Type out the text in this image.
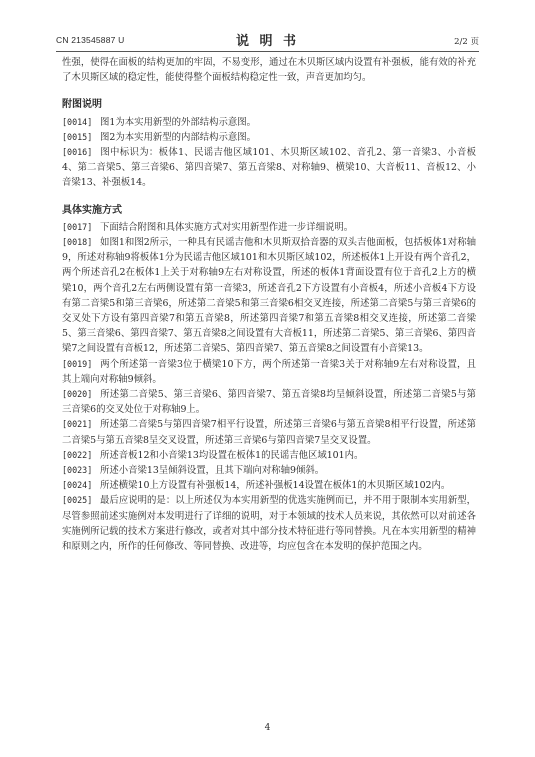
CN 213545887 U	说 明 书	2/2 页

性强，使得在面板的结构更加的牢固，不易变形，通过在木贝斯区域内设置有补强板，能有效的补充了木贝斯区域的稳定性，能使得整个面板结构稳定性一致，声音更加均匀。

附图说明

[0014] 图1为本实用新型的外部结构示意图。

[0015] 图2为本实用新型的内部结构示意图。

[0016] 图中标识为：板体1、民谣吉他区域101、木贝斯区域102、音孔2、第一音梁3、小音板4、第二音梁5、第三音梁6、第四音梁7、第五音梁8、对称轴9、横梁10、大音板11、音板12、小音梁13、补强板14。

具体实施方式

[0017] 下面结合附图和具体实施方式对实用新型作进一步详细说明。

[0018] 如图1和图2所示，一种具有民谣吉他和木贝斯双拾音器的双头吉他面板，包括板体1对称轴9，所述对称轴9将板体1分为民谣吉他区域101和木贝斯区域102，所述板体1上开设有两个音孔2，两个所述音孔2在板体1上关于对称轴9左右对称设置，所述的板体1背面设置有位于音孔2上方的横梁10，两个音孔2左右两侧设置有第一音梁3，所述音孔2下方设置有小音板4，所述小音板4下方设有第二音梁5和第三音梁6，所述第二音梁5和第三音梁6相交叉连接，所述第二音梁5与第三音梁6的交叉处下方设有第四音梁7和第五音梁8，所述第四音梁7和第五音梁8相交叉连接，所述第二音梁5、第三音梁6、第四音梁7、第五音梁8之间设置有大音板11，所述第二音梁5、第三音梁6、第四音梁7之间设置有音板12，所述第二音梁5、第四音梁7、第五音梁8之间设置有小音梁13。

[0019] 两个所述第一音梁3位于横梁10下方，两个所述第一音梁3关于对称轴9左右对称设置，且其上端向对称轴9倾斜。

[0020] 所述第二音梁5、第三音梁6、第四音梁7、第五音梁8均呈倾斜设置，所述第二音梁5与第三音梁6的交叉处位于对称轴9上。

[0021] 所述第二音梁5与第四音梁7相平行设置，所述第三音梁6与第五音梁8相平行设置，所述第二音梁5与第五音梁8呈交叉设置，所述第三音梁6与第四音梁7呈交叉设置。

[0022] 所述音板12和小音梁13均设置在板体1的民谣吉他区域101内。

[0023] 所述小音梁13呈倾斜设置，且其下端向对称轴9倾斜。

[0024] 所述横梁10上方设置有补强板14，所述补强板14设置在板体1的木贝斯区域102内。

[0025] 最后应说明的是：以上所述仅为本实用新型的优选实施例而已，并不用于限制本实用新型，尽管参照前述实施例对本发明进行了详细的说明，对于本领域的技术人员来说，其依然可以对前述各实施例所记载的技术方案进行修改，或者对其中部分技术特征进行等同替换。凡在本实用新型的精神和原则之内，所作的任何修改、等同替换、改进等，均应包含在本发明的保护范围之内。

4
